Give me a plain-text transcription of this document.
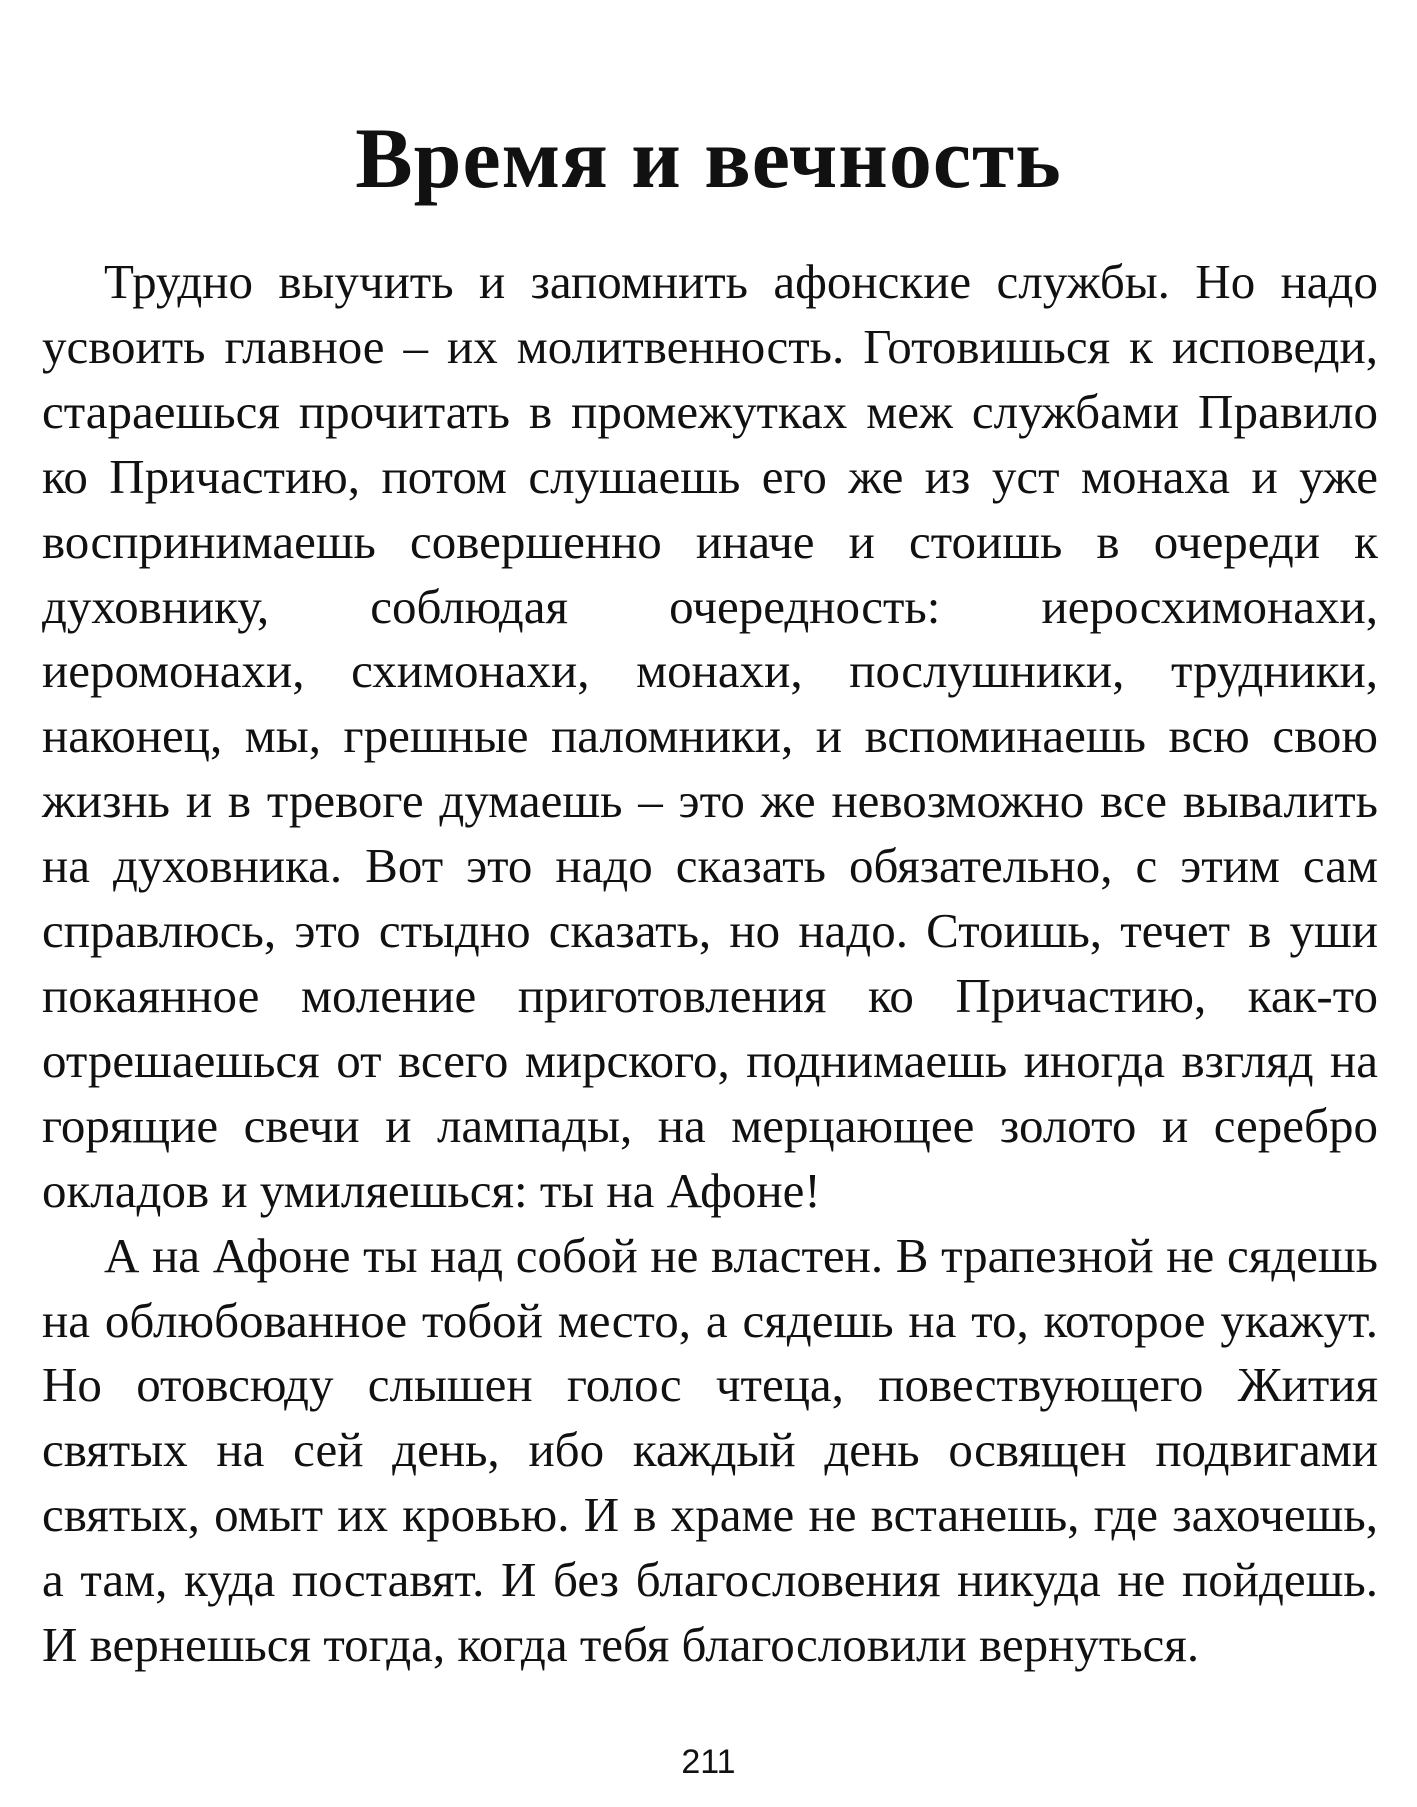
Время и вечность

Трудно выучить и запомнить афонские службы. Но надо усвоить главное – их молитвенность. Готовишься к исповеди, стараешься прочитать в промежутках меж службами Правило ко Причастию, потом слушаешь его же из уст монаха и уже воспринимаешь совершенно иначе и стоишь в очереди к духовнику, соблюдая очередность: иеросхимонахи, иеромонахи, схимонахи, монахи, послушники, трудники, наконец, мы, грешные паломники, и вспоминаешь всю свою жизнь и в тревоге думаешь – это же невозможно все вывалить на духовника. Вот это надо сказать обязательно, с этим сам справлюсь, это стыдно сказать, но надо. Стоишь, течет в уши покаянное моление приготовления ко Причастию, как-то отрешаешься от всего мирского, поднимаешь иногда взгляд на горящие свечи и лампады, на мерцающее золото и серебро окладов и умиляешься: ты на Афоне!

А на Афоне ты над собой не властен. В трапезной не сядешь на облюбованное тобой место, а сядешь на то, которое укажут. Но отовсюду слышен голос чтеца, повествующего Жития святых на сей день, ибо каждый день освящен подвигами святых, омыт их кровью. И в храме не встанешь, где захочешь, а там, куда поставят. И без благословения никуда не пойдешь. И вернешься тогда, когда тебя благословили вернуться.

211
